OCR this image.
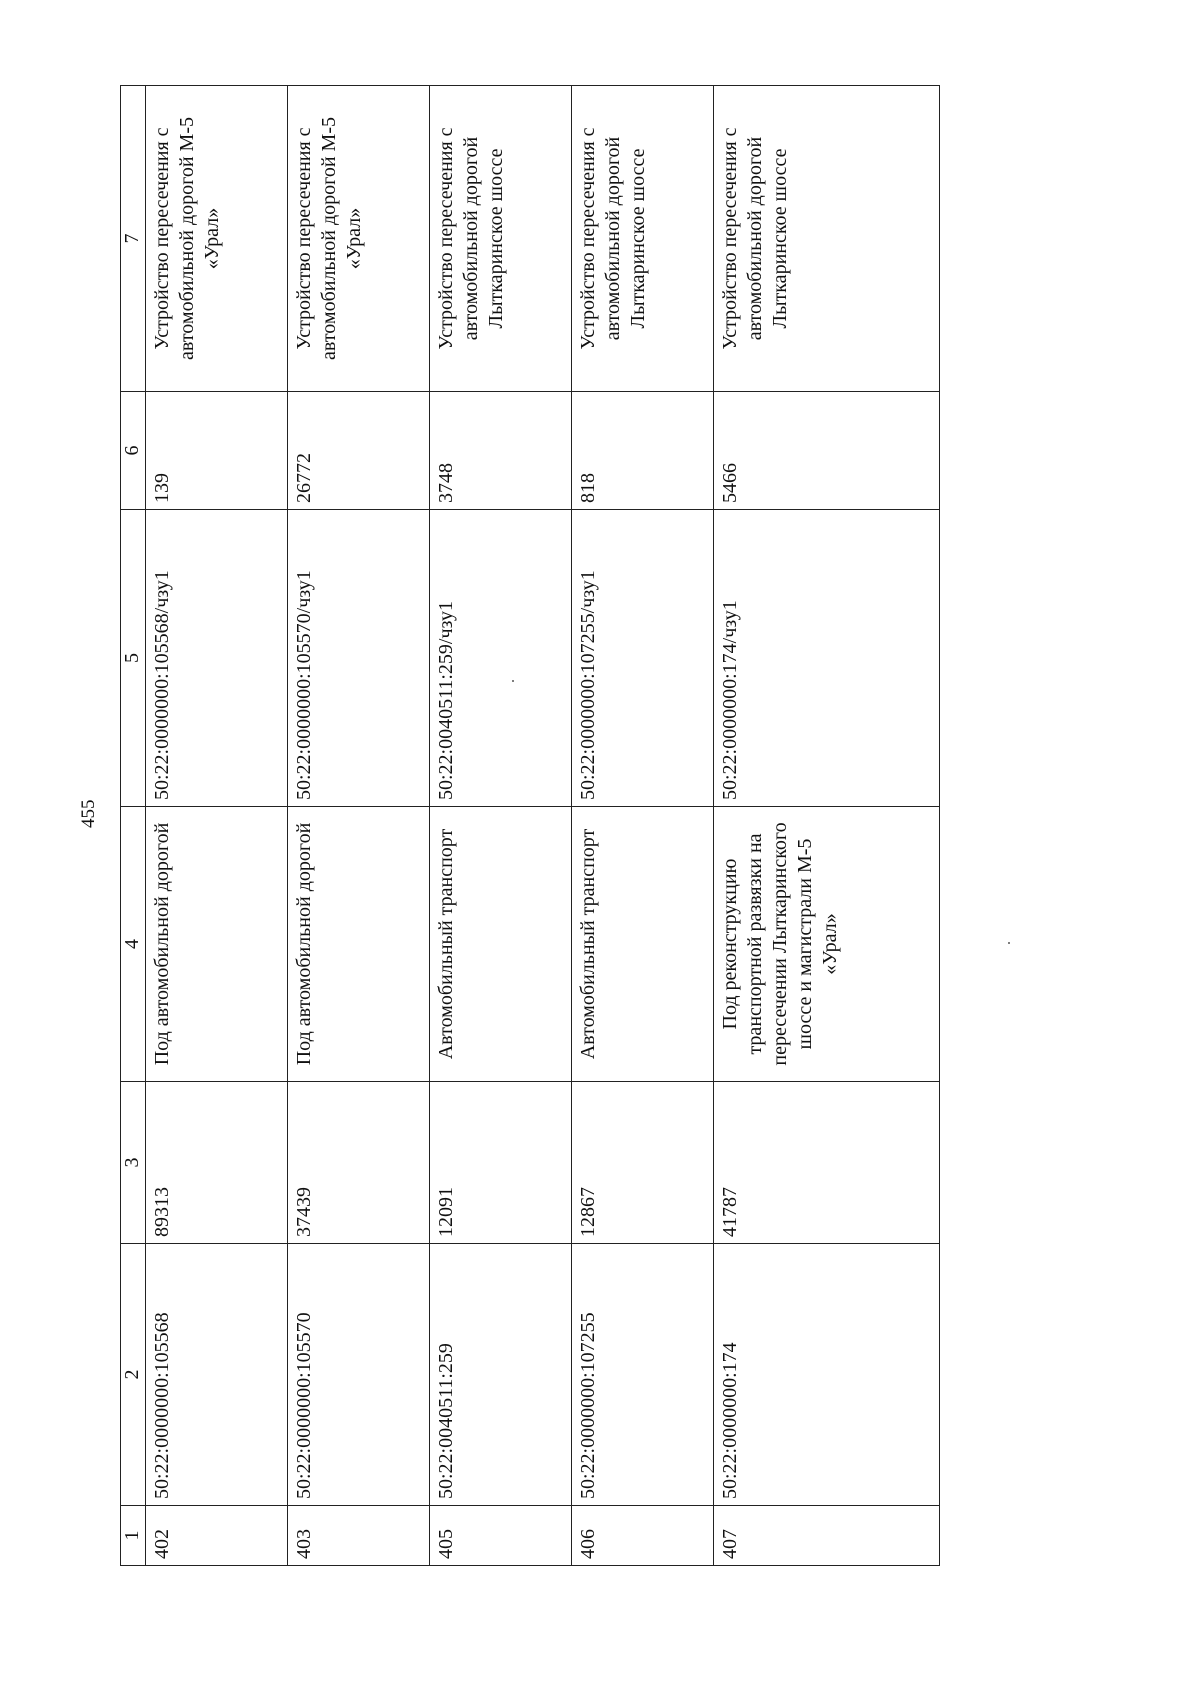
455
1	2	3	4	5	6	7
402	50:22:0000000:105568	89313	Под автомобильной дорогой	50:22:0000000:105568/чзу1	139	Устройство пересечения с автомобильной дорогой М-5 «Урал»
403	50:22:0000000:105570	37439	Под автомобильной дорогой	50:22:0000000:105570/чзу1	26772	Устройство пересечения с автомобильной дорогой М-5 «Урал»
405	50:22:0040511:259	12091	Автомобильный транспорт	50:22:0040511:259/чзу1	3748	Устройство пересечения с автомобильной дорогой Лыткаринское шоссе
406	50:22:0000000:107255	12867	Автомобильный транспорт	50:22:0000000:107255/чзу1	818	Устройство пересечения с автомобильной дорогой Лыткаринское шоссе
407	50:22:0000000:174	41787	Под реконструкцию транспортной развязки на пересечении Лыткаринского шоссе и магистрали М-5 «Урал»	50:22:0000000:174/чзу1	5466	Устройство пересечения с автомобильной дорогой Лыткаринское шоссе
